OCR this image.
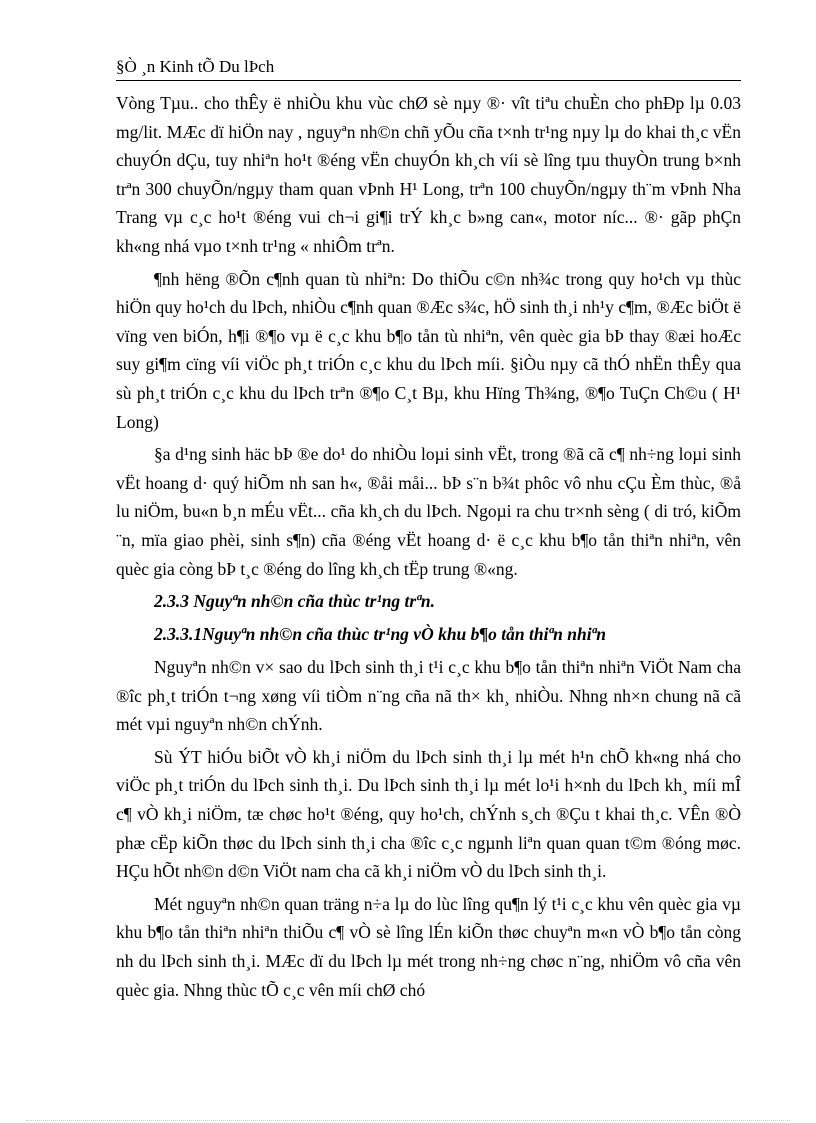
§Ò ¸n Kinh tÕ Du lÞch

Vòng Tµu.. cho thÊy ë nhiÒu khu vùc chØ sè nµy ®· vît tiªu chuÈn cho phÐp lµ 0.03 mg/lit. MÆc dï hiÖn nay , nguyªn nh©n chñ yÕu cña t×nh tr¹ng nµy lµ do khai th¸c vËn chuyÓn dÇu, tuy nhiªn ho¹t ®éng vËn chuyÓn kh¸ch víi sè lîng tµu thuyÒn trung b×nh trªn 300 chuyÕn/ngµy tham quan vÞnh H¹ Long, trªn 100 chuyÕn/ngµy th¨m vÞnh Nha Trang vµ c¸c ho¹t ®éng vui ch¬i gi¶i trÝ kh¸c b»ng can«, motor níc... ®· gãp phÇn kh«ng nhá vµo t×nh tr¹ng « nhiÔm trªn.

¶nh hëng ®Õn c¶nh quan tù nhiªn: Do thiÕu c©n nh¾c trong quy ho¹ch vµ thùc hiÖn quy ho¹ch du lÞch, nhiÒu c¶nh quan ®Æc s¾c, hÖ sinh th¸i nh¹y c¶m, ®Æc biÖt ë vïng ven biÓn, h¶i ®¶o vµ ë c¸c khu b¶o tån tù nhiªn, vên quèc gia bÞ thay ®æi hoÆc suy gi¶m cïng víi viÖc ph¸t triÓn c¸c khu du lÞch míi. §iÒu nµy cã thÓ nhËn thÊy qua sù ph¸t triÓn c¸c khu du lÞch trªn ®¶o C¸t Bµ, khu Hïng Th¾ng, ®¶o TuÇn Ch©u ( H¹ Long)

§a d¹ng sinh häc bÞ ®e do¹ do nhiÒu loµi sinh vËt, trong ®ã cã c¶ nh÷ng loµi sinh vËt hoang d· quý hiÕm nh san h«, ®åi måi... bÞ s¨n b¾t phôc vô nhu cÇu Èm thùc, ®å lu niÖm, bu«n b¸n mÉu vËt... cña kh¸ch du lÞch. Ngoµi ra chu tr×nh sèng ( di tró, kiÕm ¨n, mïa giao phèi, sinh s¶n) cña ®éng vËt hoang d· ë c¸c khu b¶o tån thiªn nhiªn, vên quèc gia còng bÞ t¸c ®éng do lîng kh¸ch tËp trung ®«ng.

2.3.3 Nguyªn nh©n cña thùc tr¹ng trªn.
2.3.3.1Nguyªn nh©n cña thùc tr¹ng vÒ khu b¶o tån thiªn nhiªn

Nguyªn nh©n v× sao du lÞch sinh th¸i t¹i c¸c khu b¶o tån thiªn nhiªn ViÖt Nam cha ®îc ph¸t triÓn t¬ng xøng víi tiÒm n¨ng cña nã th× kh¸ nhiÒu. Nhng nh×n chung nã cã mét vµi nguyªn nh©n chÝnh.

Sù ÝT hiÓu biÕt vÒ kh¸i niÖm du lÞch sinh th¸i lµ mét h¹n chÕ kh«ng nhá cho viÖc ph¸t triÓn du lÞch sinh th¸i. Du lÞch sinh th¸i lµ mét lo¹i h×nh du lÞch kh¸ míi mÎ c¶ vÒ kh¸i niÖm, tæ chøc ho¹t ®éng, quy ho¹ch, chÝnh s¸ch ®Çu t khai th¸c. VÊn ®Ò phæ cËp kiÕn thøc du lÞch sinh th¸i cha ®îc c¸c ngµnh liªn quan quan t©m ®óng møc. HÇu hÕt nh©n d©n ViÖt nam cha cã kh¸i niÖm vÒ du lÞch sinh th¸i.

Mét nguyªn nh©n quan träng n÷a lµ do lùc lîng qu¶n lý t¹i c¸c khu vên quèc gia vµ khu b¶o tån thiªn nhiªn thiÕu c¶ vÒ sè lîng lÉn kiÕn thøc chuyªn m«n vÒ b¶o tån còng nh du lÞch sinh th¸i. MÆc dï du lÞch lµ mét trong nh÷ng chøc n¨ng, nhiÖm vô cña vên quèc gia. Nhng thùc tÕ c¸c vên míi chØ chó
